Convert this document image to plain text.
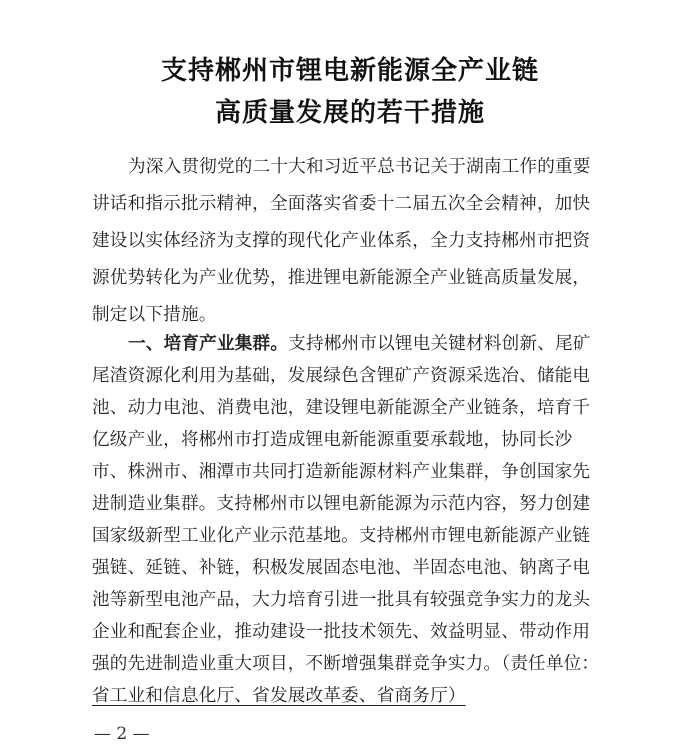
支持郴州市锂电新能源全产业链
高质量发展的若干措施
为深入贯彻党的二十大和习近平总书记关于湖南工作的重要
讲话和指示批示精神，全面落实省委十二届五次全会精神，加快
建设以实体经济为支撑的现代化产业体系，全力支持郴州市把资
源优势转化为产业优势，推进锂电新能源全产业链高质量发展，
制定以下措施。
一、培育产业集群。支持郴州市以锂电关键材料创新、尾矿
尾渣资源化利用为基础，发展绿色含锂矿产资源采选冶、储能电
池、动力电池、消费电池，建设锂电新能源全产业链条，培育千
亿级产业，将郴州市打造成锂电新能源重要承载地，协同长沙
市、株洲市、湘潭市共同打造新能源材料产业集群，争创国家先
进制造业集群。支持郴州市以锂电新能源为示范内容，努力创建
国家级新型工业化产业示范基地。支持郴州市锂电新能源产业链
强链、延链、补链，积极发展固态电池、半固态电池、钠离子电
池等新型电池产品，大力培育引进一批具有较强竞争实力的龙头
企业和配套企业，推动建设一批技术领先、效益明显、带动作用
强的先进制造业重大项目，不断增强集群竞争实力。（责任单位：
省工业和信息化厅、省发展改革委、省商务厅）
— 2 —
